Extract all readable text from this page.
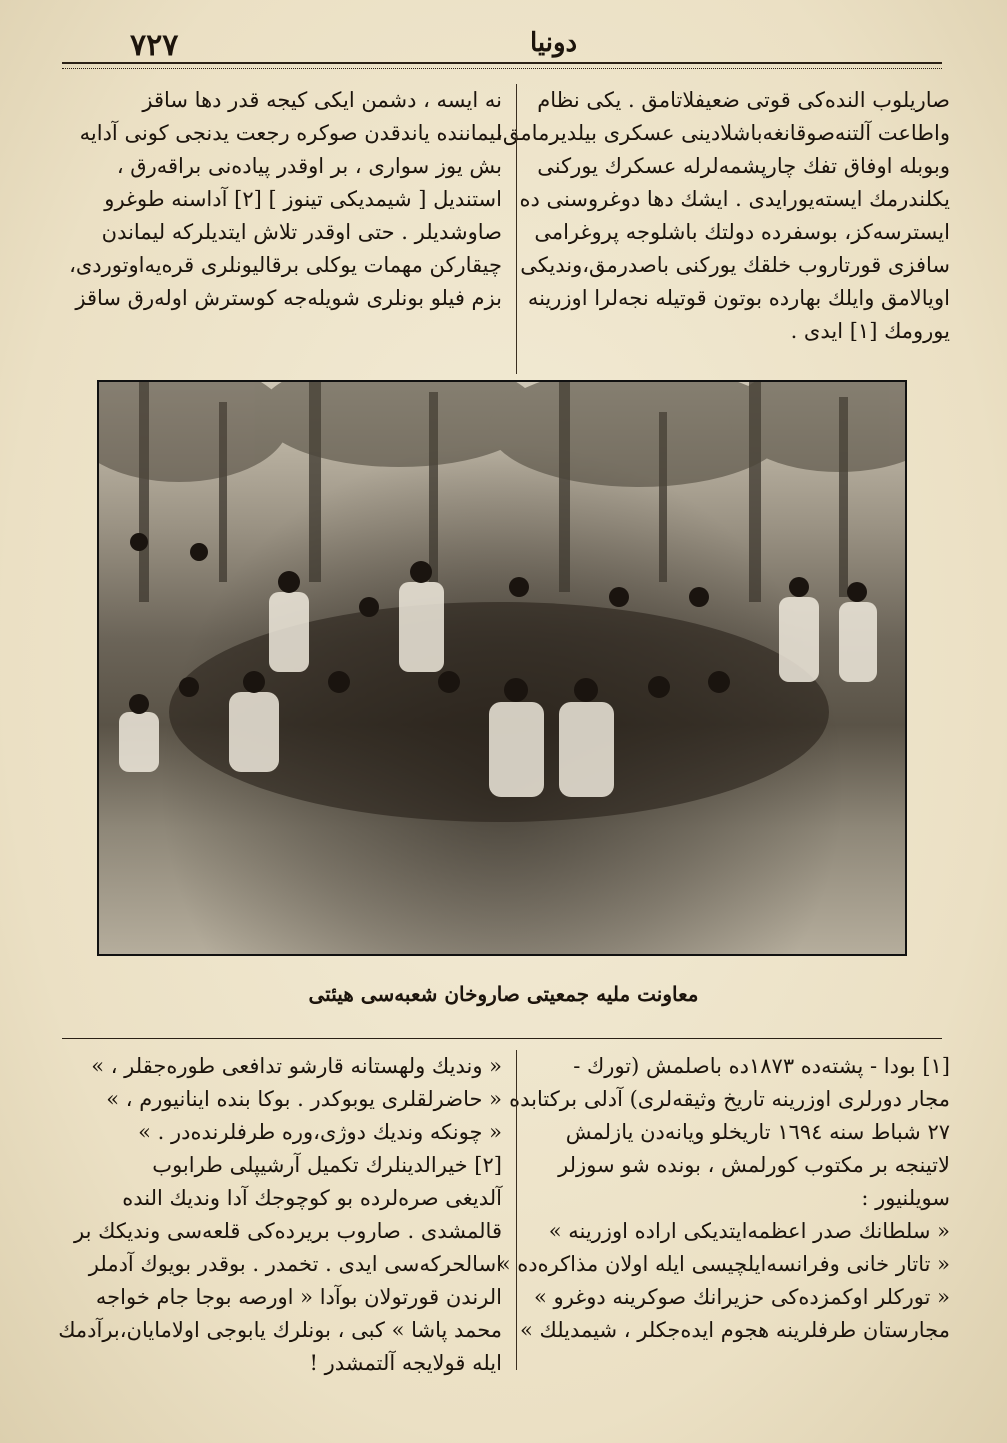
٧٢٧	دونیا

صاریلوب الندەکی قوتی ضعیفلاتامق . یکی نظام

واطاعت آلتنەصوقانغەباشلادینی عسکری بیلدیرمامق،

وبوبلە اوفاق تفك چارپشمەلرلە عسکرك یورکنی

یکلندرمك ایستەیورایدی . ایشك دها دوغروسنی دە

ایسترسەکز، بوسفردە دولتك باشلوجە پروغرامی

سافزی قورتاروب خلقك یورکنی باصدرمق،ونديكی

اویالامق وایلك بهاردە بوتون قوتیلە نجەلرا اوزرینە

یورومك [١] ایدی .

نە ایسە ، دشمن ایکی کیجە قدر دها ساقز

لیماننده یاندقدن صوکرە رجعت یدنجی کونی آدایە

بش یوز سواری ، بر اوقدر پیادەنی براقەرق ،

استندیل [ شیمدیکی تینوز ] [٢] آداسنە طوغرو

صاوشدیلر . حتی اوقدر تلاش ایتدیلرکە لیماندن

چیقارکن مهمات یوکلی برقالیونلری قرەیەاوتوردی،

بزم فیلو بونلری شویلەجە کوسترش اولەرق ساقز

معاونت ملیه جمعیتی صاروخان شعبه‌سی هیئتی

[١] بودا - پشتەدە ١٨٧٣دە باصلمش (تورك -

مجار دورلری اوزرینە تاریخ وثیقەلری) آدلی برکتابدە

٢٧ شباط سنە ١٦٩٤ تاریخلو ویانەدن یازلمش

لاتینجە بر مکتوب کورلمش ، بوندە شو سوزلر

سویلنیور :

« سلطانك صدر اعظمەایتدیکی ارادە اوزرینە »

« تاتار خانی وفرانسەایلچیسی ایلە اولان مذاکرەدە »

« تورکلر اوکمزدەکی حزیرانك صوکرینە دوغرو »

مجارستان طرفلرینە هجوم ایدەجکلر ، شیمدیلك »

« ونديك ولهستانە قارشو تدافعی طورەجقلر ، »

« حاضرلقلری یوبوکدر . بوکا بندە اینانیورم ، »

« چونکە ونديك دوژی،ورە طرفلرندەدر . »

[٢] خیرالدینلرك تکمیل آرشیپلی طرابوب

آلدیغی صرەلردە بو کوچوجك آدا ونديك الندە

قالمشدی . صاروب بریردەکی قلعەسی ونديكك بر

اسالحرکەسی ایدی . تخمدر . بوقدر بویوك آدملر

الرندن قورتولان بوآدا « اورصە بوجا جام خواجە

محمد پاشا » کبی ، بونلرك یابوجی اولامایان،برآدمك

ایلە قولایجە آلتمشدر !
